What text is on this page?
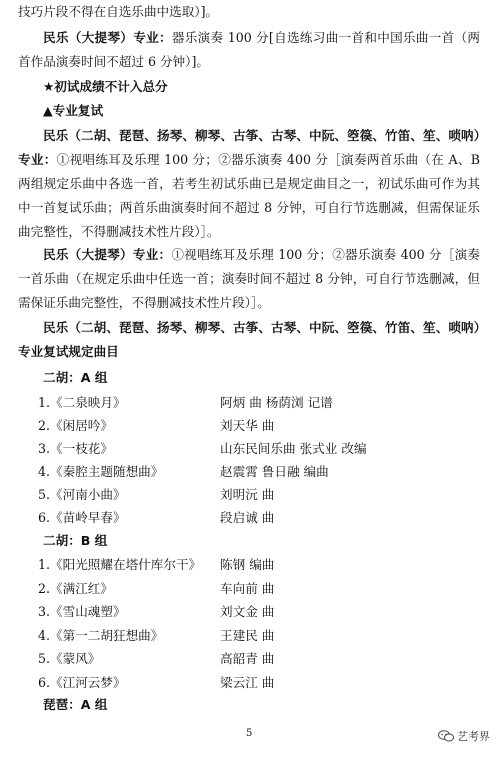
技巧片段不得在自选乐曲中选取）]。
民乐（大提琴）专业：器乐演奏 100 分[自选练习曲一首和中国乐曲一首（两首作品演奏时间不超过 6 分钟）]。
★初试成绩不计入总分
▲专业复试
民乐（二胡、琵琶、扬琴、柳琴、古筝、古琴、中阮、箜篌、竹笛、笙、唢呐）专业：①视唱练耳及乐理 100 分；②器乐演奏 400 分［演奏两首乐曲（在 A、B 两组规定乐曲中各选一首，若考生初试乐曲已是规定曲目之一，初试乐曲可作为其中一首复试乐曲；两首乐曲演奏时间不超过 8 分钟，可自行节选删减，但需保证乐曲完整性，不得删减技术性片段）］。
民乐（大提琴）专业：①视唱练耳及乐理 100 分；②器乐演奏 400 分［演奏一首乐曲（在规定乐曲中任选一首；演奏时间不超过 8 分钟，可自行节选删减，但需保证乐曲完整性，不得删减技术性片段）］。
民乐（二胡、琵琶、扬琴、柳琴、古筝、古琴、中阮、箜篌、竹笛、笙、唢呐）专业复试规定曲目
二胡：A 组
1.《二泉映月》	阿炳 曲 杨荫浏 记谱
2.《闲居吟》	刘天华 曲
3.《一枝花》	山东民间乐曲 张式业 改编
4.《秦腔主题随想曲》	赵震霄 鲁日融 编曲
5.《河南小曲》	刘明沅 曲
6.《苗岭早春》	段启诚 曲
二胡：B 组
1.《阳光照耀在塔什库尔干》 陈钢 编曲
2.《满江红》	车向前 曲
3.《雪山魂塑》	刘文金 曲
4.《第一二胡狂想曲》	王建民 曲
5.《蒙风》	高韶青 曲
6.《江河云梦》	梁云江 曲
琵琶：A 组
5	艺考界
